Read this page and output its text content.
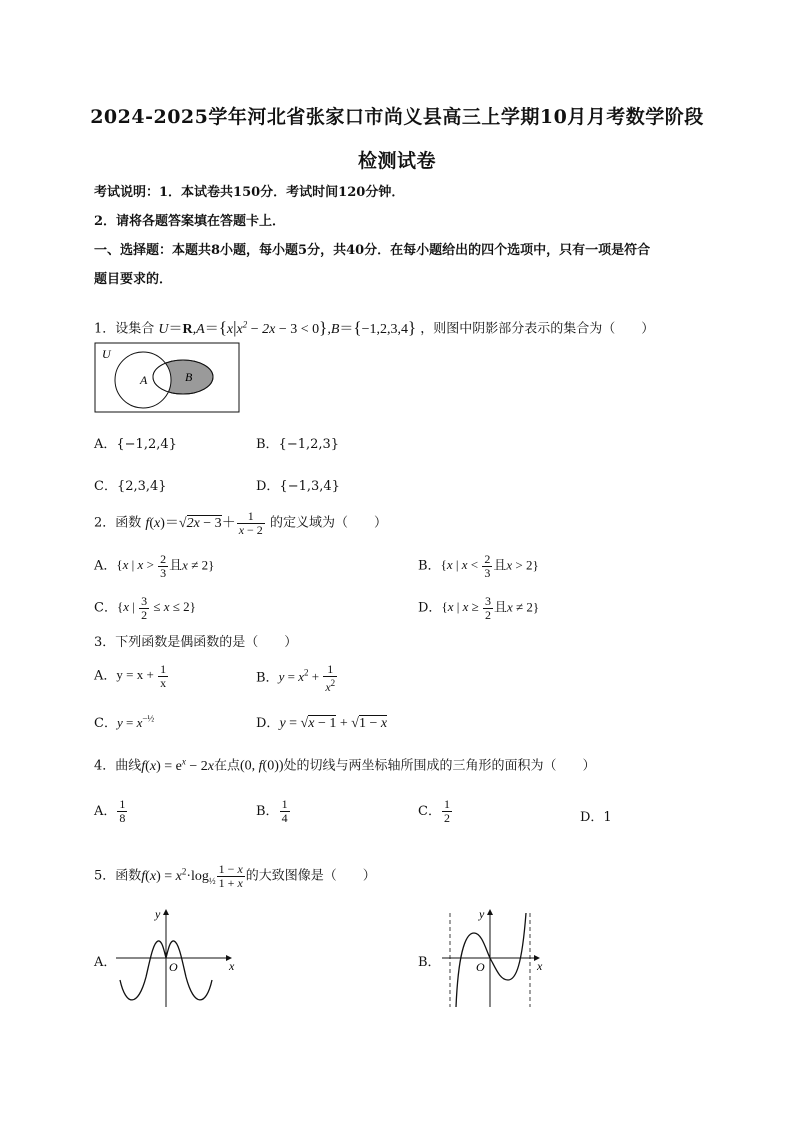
2024-2025学年河北省张家口市尚义县高三上学期10月月考数学阶段
检测试卷
考试说明：1．本试卷共150分．考试时间120分钟．
2．请将各题答案填在答题卡上．
一、选择题：本题共8小题，每小题5分，共40分．在每小题给出的四个选项中，只有一项是符合
题目要求的．
1．设集合 $U=R,A=\{x|x^2 - 2x - 3 < 0\},B=\{-1,2,3,4\}$ ，则图中阴影部分表示的集合为（　　）
U
A	B
A．{−1,2,4}	B．{−1,2,3}
C．{2,3,4}	D．{−1,3,4}
2．函数 $f(x)=√2x - 3+ \frac{1}{x - 2}$ 的定义域为（　　）
A．{x | $x > \frac{2}{3}$ 且x ≠ 2}	B．{x | $x < \frac{2}{3}$ 且x > 2}
C．{x | $\frac{3}{2} \le x \le 2$}	D．{x | $x \ge \frac{3}{2}$ 且x ≠ 2}
3．下列函数是偶函数的是（　　）
A．$y = x + \frac{1}{x}$	B．$y = x^2 + \frac{1}{x^2}$
C．$y = x^{-\frac{1}{2}}$	D．y = √x − 1 + √1 − x
4．曲线$f(x) = e^x - 2x$在点(0, f(0))处的切线与两坐标轴所围成的三角形的面积为（　　）
A． $\frac{1}{8}$	B． $\frac{1}{4}$	C． $\frac{1}{2}$	D．1
5．函数$f(x) = x^2\cdot\log_{\frac{1}{2}} \frac{1 - x}{1 + x}$ 的大致图像是（　　）
A．	x
y
O	B．	x
y
O
